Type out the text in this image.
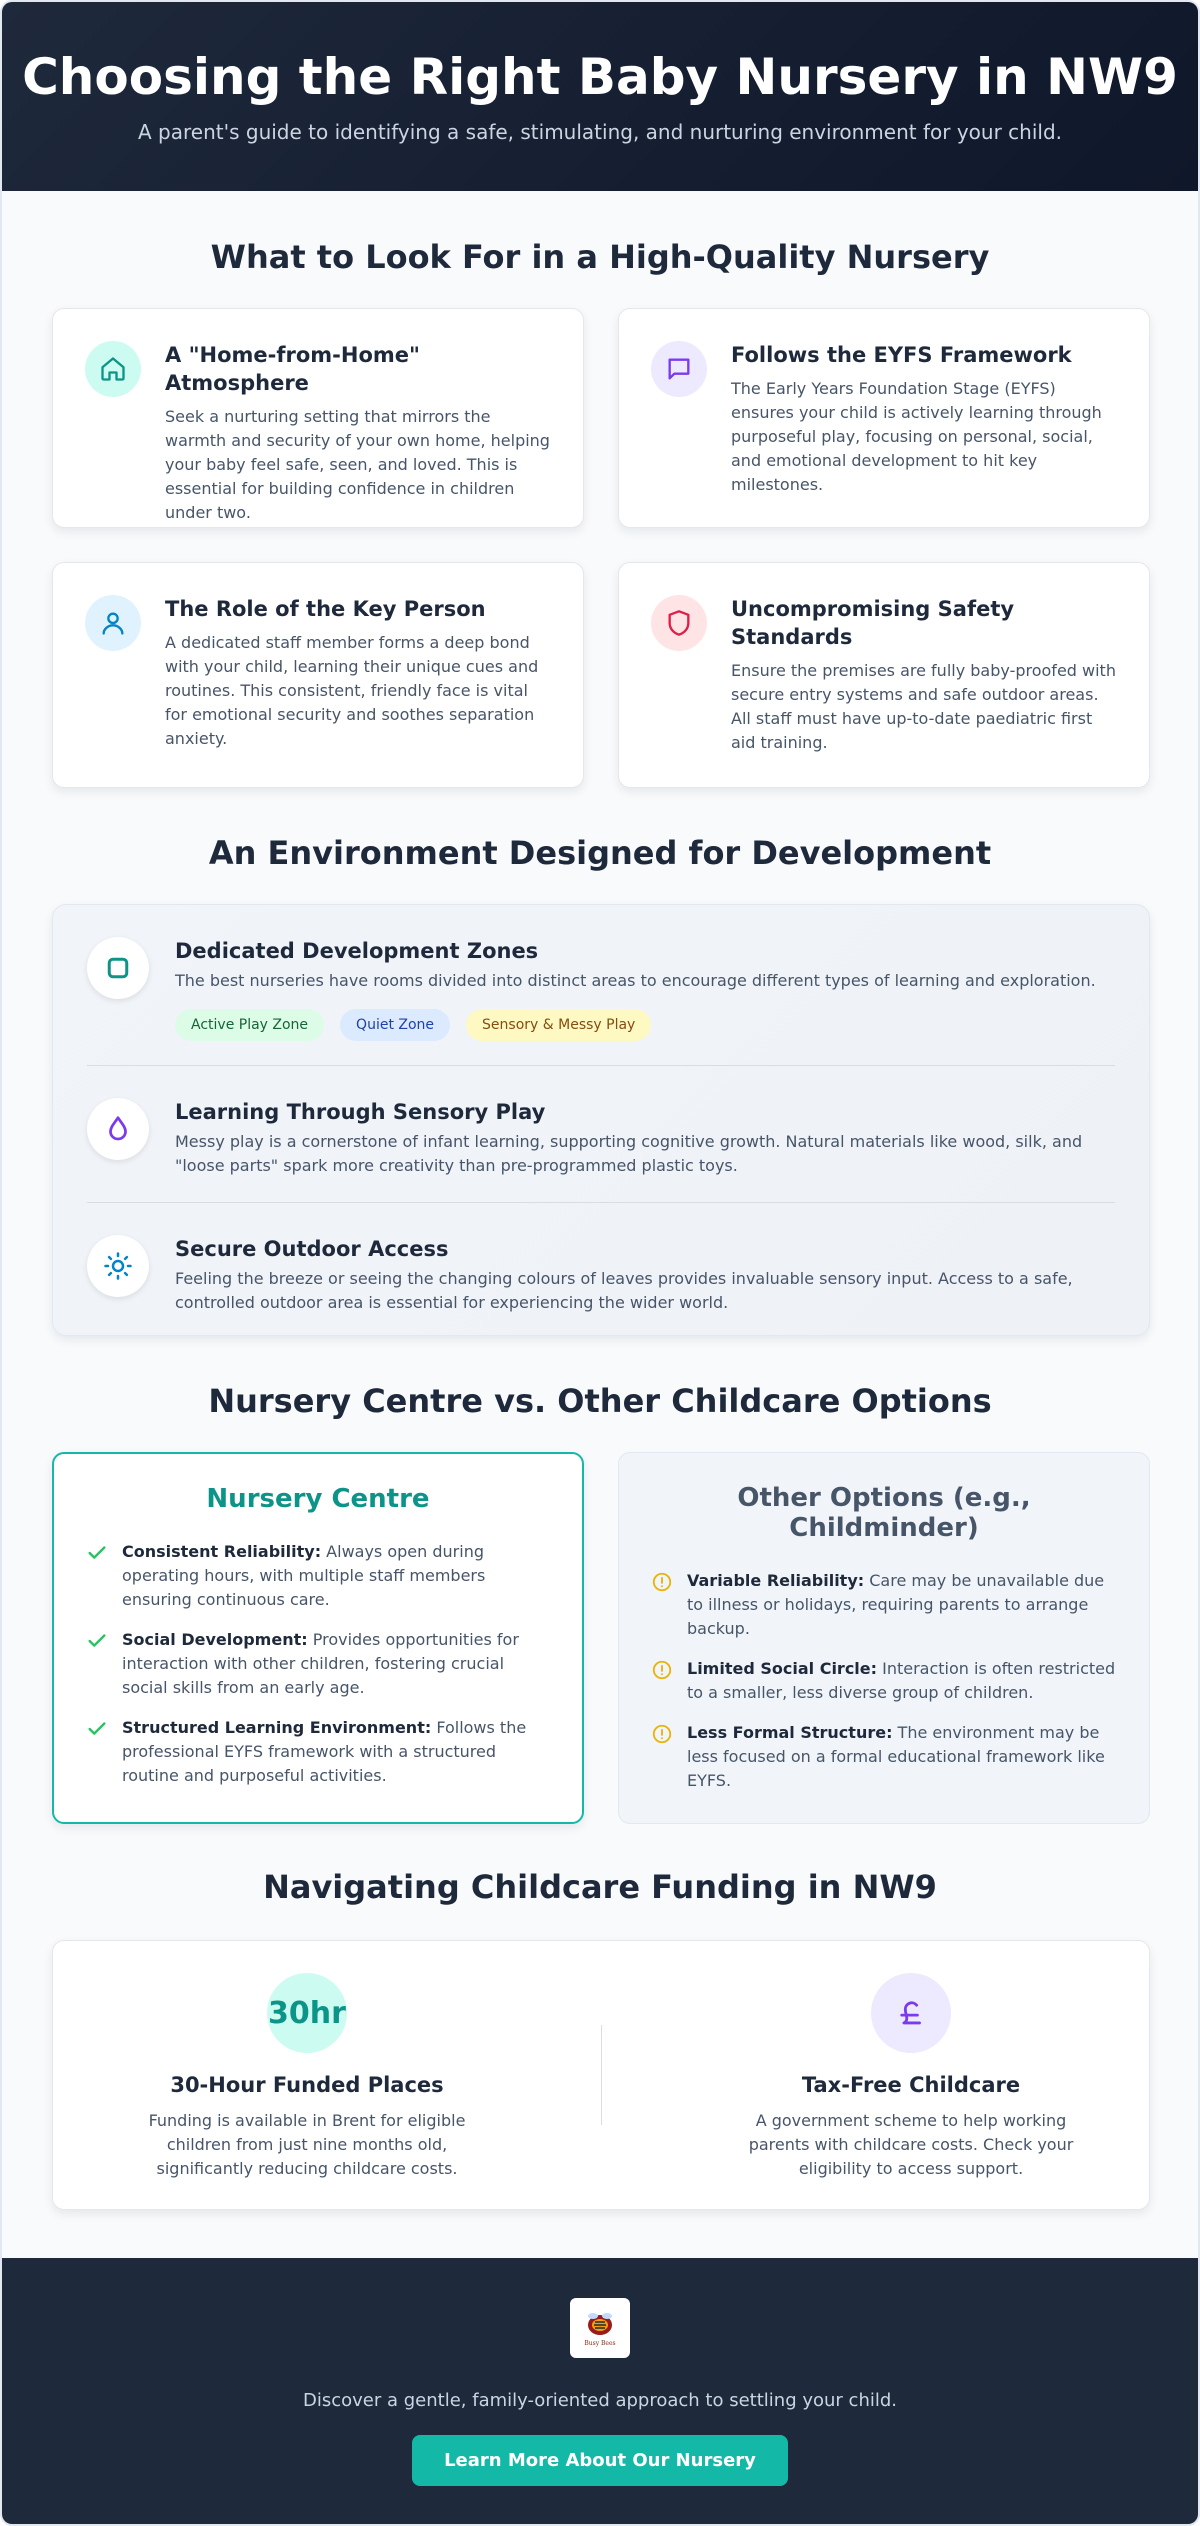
Choosing the Right Baby Nursery in NW9

A parent's guide to identifying a safe, stimulating, and nurturing environment for your child.

What to Look For in a High-Quality Nursery
A "Home-from-Home" Atmosphere

Seek a nurturing setting that mirrors the warmth and security of your own home, helping your baby feel safe, seen, and loved. This is essential for building confidence in children under two.

Follows the EYFS Framework

The Early Years Foundation Stage (EYFS) ensures your child is actively learning through purposeful play, focusing on personal, social, and emotional development to hit key milestones.

The Role of the Key Person

A dedicated staff member forms a deep bond with your child, learning their unique cues and routines. This consistent, friendly face is vital for emotional security and soothes separation anxiety.

Uncompromising Safety Standards

Ensure the premises are fully baby-proofed with secure entry systems and safe outdoor areas. All staff must have up-to-date paediatric first aid training.

An Environment Designed for Development
Dedicated Development Zones

The best nurseries have rooms divided into distinct areas to encourage different types of learning and exploration.

Active Play Zone	Quiet Zone	Sensory & Messy Play
Learning Through Sensory Play

Messy play is a cornerstone of infant learning, supporting cognitive growth. Natural materials like wood, silk, and "loose parts" spark more creativity than pre-programmed plastic toys.

Secure Outdoor Access

Feeling the breeze or seeing the changing colours of leaves provides invaluable sensory input. Access to a safe, controlled outdoor area is essential for experiencing the wider world.

Nursery Centre vs. Other Childcare Options
Nursery Centre

Consistent Reliability: Always open during operating hours, with multiple staff members ensuring continuous care.

Social Development: Provides opportunities for interaction with other children, fostering crucial social skills from an early age.

Structured Learning Environment: Follows the professional EYFS framework with a structured routine and purposeful activities.

Other Options (e.g., Childminder)

Variable Reliability: Care may be unavailable due to illness or holidays, requiring parents to arrange backup.

Limited Social Circle: Interaction is often restricted to a smaller, less diverse group of children.

Less Formal Structure: The environment may be less focused on a formal educational framework like EYFS.

Navigating Childcare Funding in NW9
30hr
30-Hour Funded Places

Funding is available in Brent for eligible children from just nine months old, significantly reducing childcare costs.

Tax-Free Childcare

A government scheme to help working parents with childcare costs. Check your eligibility to access support.

Busy Bees

Discover a gentle, family-oriented approach to settling your child.

Learn More About Our Nursery
